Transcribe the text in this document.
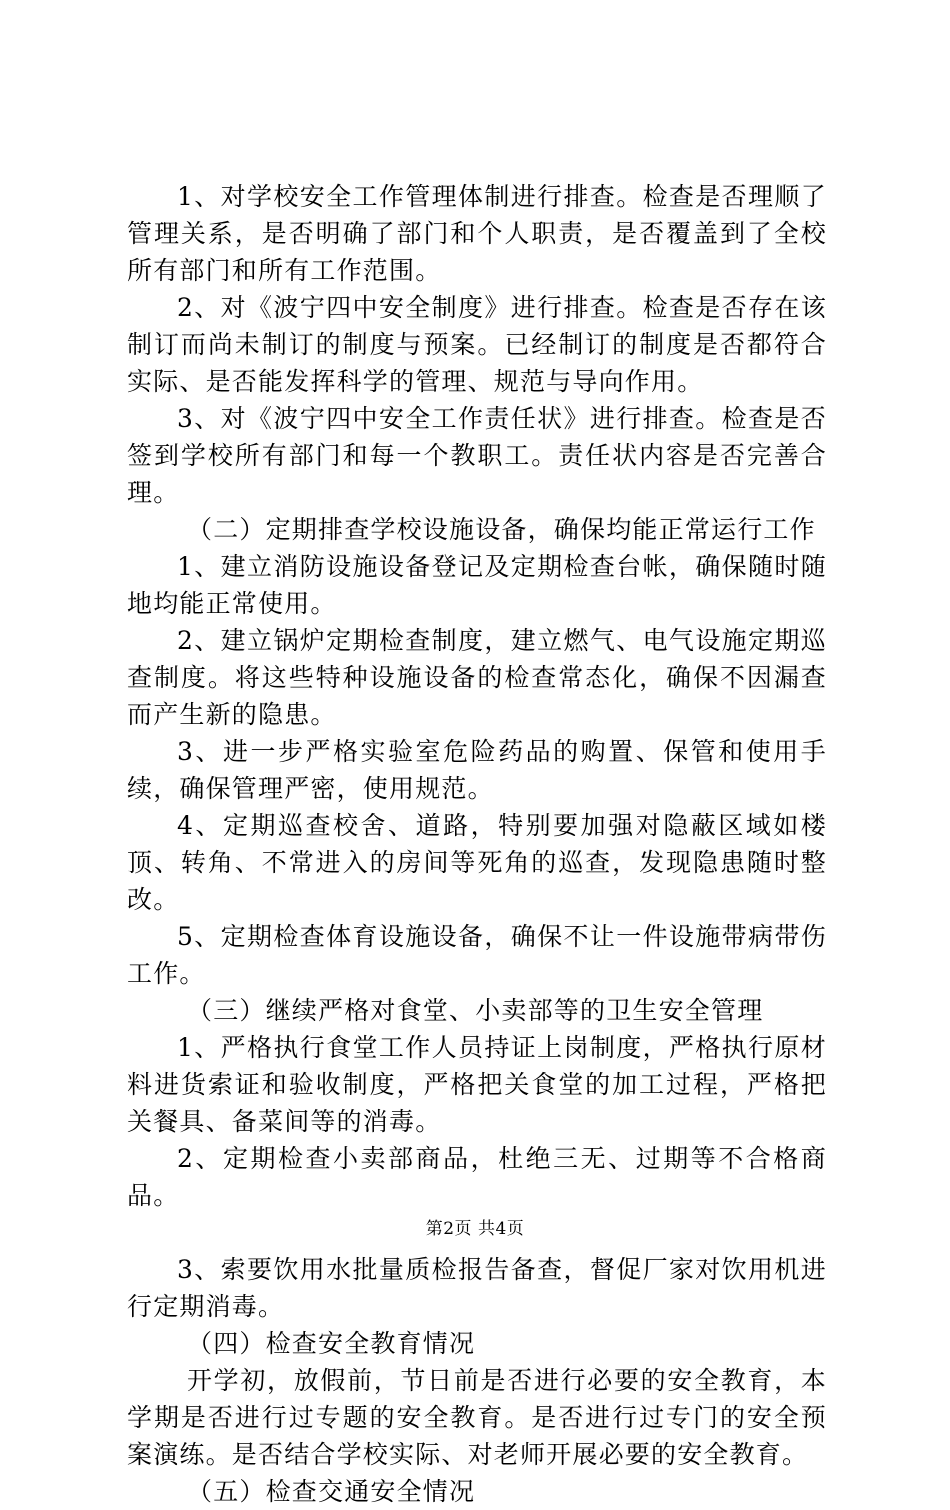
1、对学校安全工作管理体制进行排查。检查是否理顺了管理关系，是否明确了部门和个人职责，是否覆盖到了全校所有部门和所有工作范围。

2、对《波宁四中安全制度》进行排查。检查是否存在该制订而尚未制订的制度与预案。已经制订的制度是否都符合实际、是否能发挥科学的管理、规范与导向作用。

3、对《波宁四中安全工作责任状》进行排查。检查是否签到学校所有部门和每一个教职工。责任状内容是否完善合理。

（二）定期排查学校设施设备，确保均能正常运行工作

1、建立消防设施设备登记及定期检查台帐，确保随时随地均能正常使用。

2、建立锅炉定期检查制度，建立燃气、电气设施定期巡查制度。将这些特种设施设备的检查常态化，确保不因漏查而产生新的隐患。

3、进一步严格实验室危险药品的购置、保管和使用手续，确保管理严密，使用规范。

4、定期巡查校舍、道路，特别要加强对隐蔽区域如楼顶、转角、不常进入的房间等死角的巡查，发现隐患随时整改。

5、定期检查体育设施设备，确保不让一件设施带病带伤工作。

（三）继续严格对食堂、小卖部等的卫生安全管理

1、严格执行食堂工作人员持证上岗制度，严格执行原材料进货索证和验收制度，严格把关食堂的加工过程，严格把关餐具、备菜间等的消毒。

2、定期检查小卖部商品，杜绝三无、过期等不合格商品。

3、索要饮用水批量质检报告备查，督促厂家对饮用机进行定期消毒。

（四）检查安全教育情况

开学初，放假前，节日前是否进行必要的安全教育，本学期是否进行过专题的安全教育。是否进行过专门的安全预案演练。是否结合学校实际、对老师开展必要的安全教育。

（五）检查交通安全情况

第2页 共4页
